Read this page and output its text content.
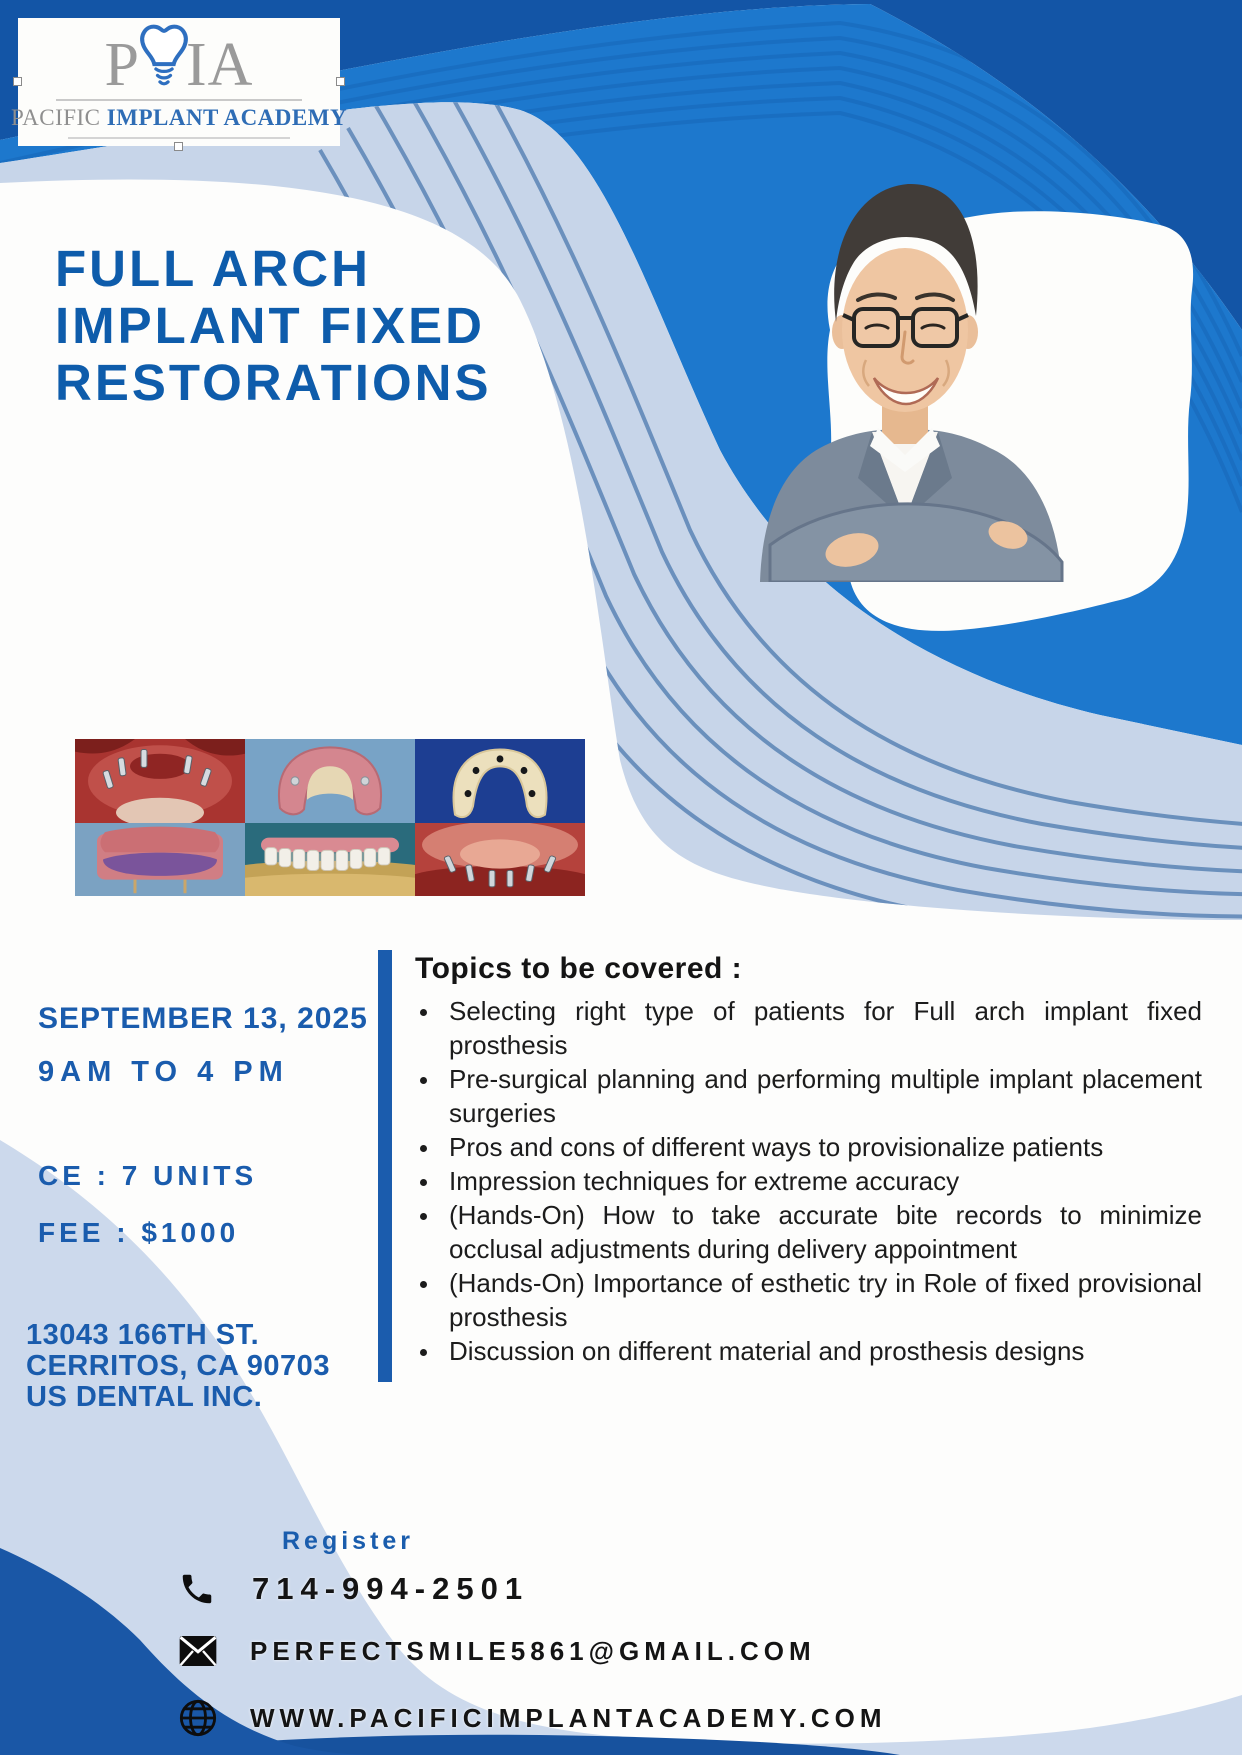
P IA
PACIFIC IMPLANT ACADEMY
FULL ARCH
IMPLANT FIXED
RESTORATIONS
SEPTEMBER 13, 2025
9AM TO 4 PM
CE : 7 UNITS
FEE : $1000
13043 166TH ST.
CERRITOS, CA 90703
US DENTAL INC.
Topics to be covered :
• Selecting right type of patients for Full arch implant fixed prosthesis
• Pre-surgical planning and performing multiple implant placement surgeries
• Pros and cons of different ways to provisionalize patients
• Impression techniques for extreme accuracy
• (Hands-On) How to take accurate bite records to minimize occlusal adjustments during delivery appointment
• (Hands-On) Importance of esthetic try in Role of fixed provisional prosthesis
• Discussion on different material and prosthesis designs
Register
714-994-2501
PERFECTSMILE5861@GMAIL.COM
WWW.PACIFICIMPLANTACADEMY.COM
